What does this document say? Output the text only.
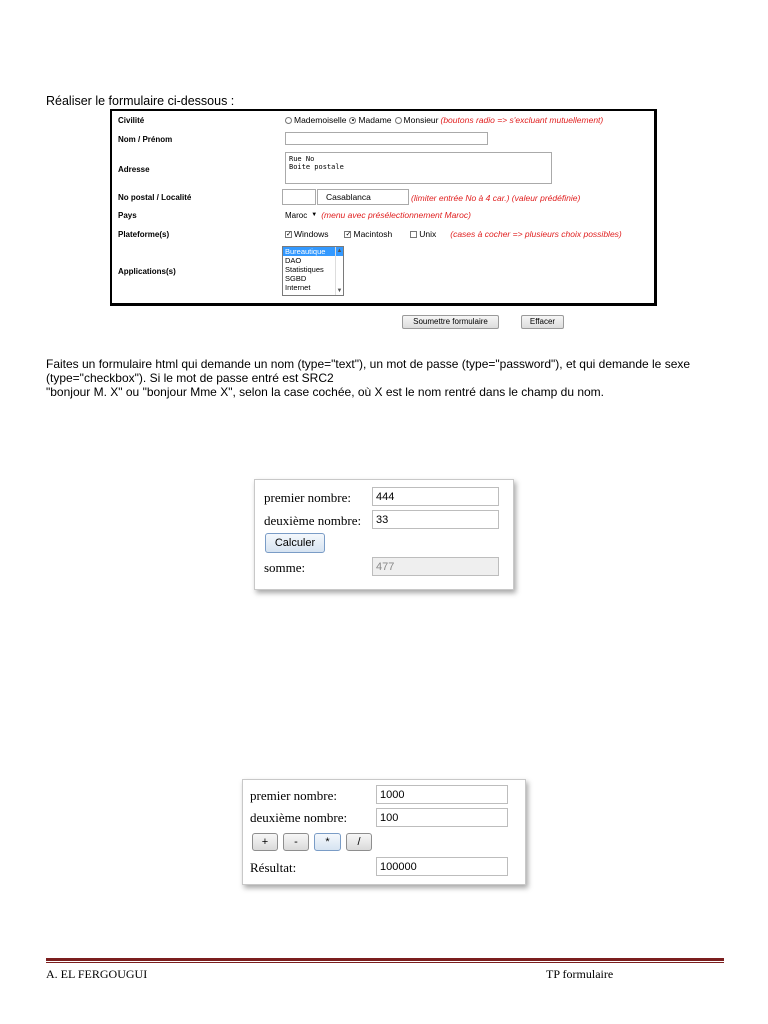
Réaliser le formulaire ci-dessous :
Civilité	Mademoiselle Madame Monsieur (boutons radio => s'excluant mutuellement)
Nom / Prénom
Adresse
Rue No
Boite postale
No postal / Localité	Casablanca	(limiter entrée No à 4 car.) (valeur prédéfinie)
Pays	Maroc ▼ (menu avec présélectionnement Maroc)
Plateforme(s)	✓ Windows ✓ Macintosh	Unix (cases à cocher => plusieurs choix possibles)
Applications(s)
Bureautique
DAO
Statistiques
SGBD
Internet
▲
▼
Soumettre formulaire	Effacer
Faites un formulaire html qui demande un nom (type="text"), un mot de passe (type="password"), et qui demande le sexe (type="checkbox"). Si le mot de passe entré est SRC2
"bonjour M. X" ou "bonjour Mme X", selon la case cochée, où X est le nom rentré dans le champ du nom.
premier nombre:	444
deuxième nombre:	33
Calculer
somme:	477
premier nombre:	1000
deuxième nombre:	100
+	-	*	/
Résultat:	100000
A. EL FERGOUGUI	TP formulaire
